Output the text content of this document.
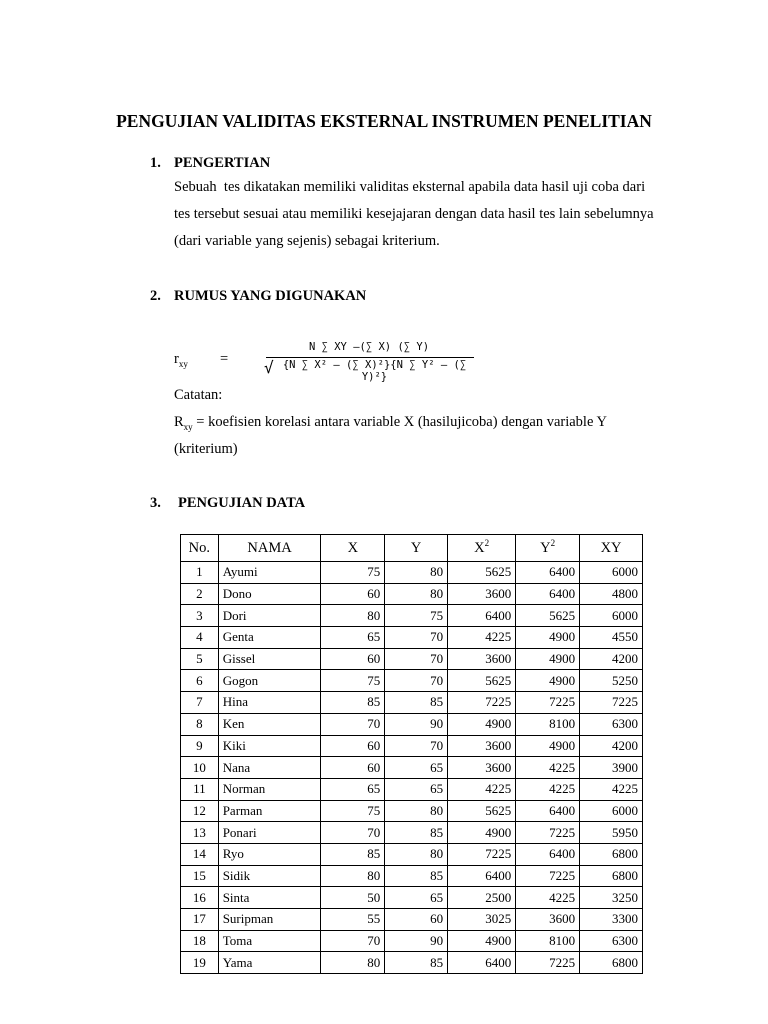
PENGUJIAN VALIDITAS EKSTERNAL INSTRUMEN PENELITIAN
1. PENGERTIAN
Sebuah  tes dikatakan memiliki validitas eksternal apabila data hasil uji coba dari
tes tersebut sesuai atau memiliki kesejajaran dengan data hasil tes lain sebelumnya
(dari variable yang sejenis) sebagai kriterium.
2. RUMUS YANG DIGUNAKAN
$r_{xy}$ =
N ∑ XY –(∑ X) (∑ Y)
√ {N ∑ X² – (∑ X)²}{N ∑ Y² – (∑ Y)²}
Catatan:
$R_{xy}$ = koefisien korelasi antara variable X (hasilujicoba) dengan variable Y
(kriterium)
3. PENGUJIAN DATA
No.	NAMA	X	Y	$X^2$	$Y^2$	XY
1	Ayumi	75	80	5625	6400	6000
2	Dono	60	80	3600	6400	4800
3	Dori	80	75	6400	5625	6000
4	Genta	65	70	4225	4900	4550
5	Gissel	60	70	3600	4900	4200
6	Gogon	75	70	5625	4900	5250
7	Hina	85	85	7225	7225	7225
8	Ken	70	90	4900	8100	6300
9	Kiki	60	70	3600	4900	4200
10	Nana	60	65	3600	4225	3900
11	Norman	65	65	4225	4225	4225
12	Parman	75	80	5625	6400	6000
13	Ponari	70	85	4900	7225	5950
14	Ryo	85	80	7225	6400	6800
15	Sidik	80	85	6400	7225	6800
16	Sinta	50	65	2500	4225	3250
17	Suripman	55	60	3025	3600	3300
18	Toma	70	90	4900	8100	6300
19	Yama	80	85	6400	7225	6800
